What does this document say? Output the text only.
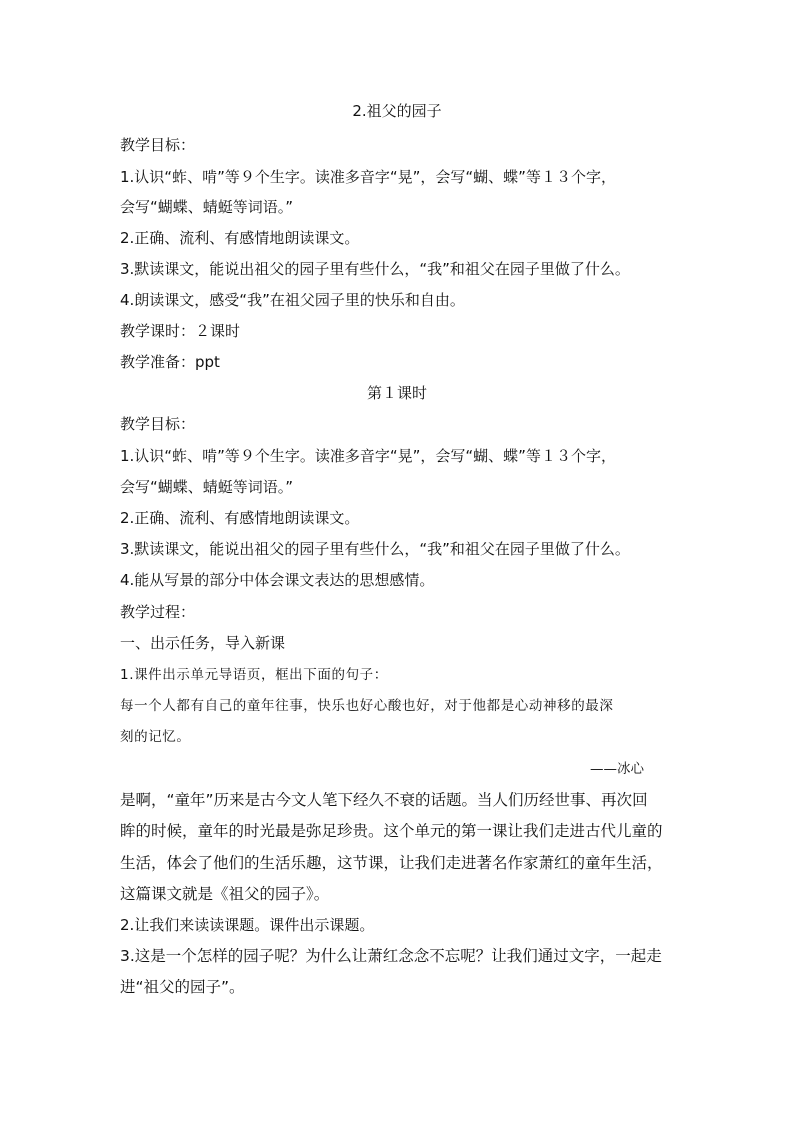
2.祖父的园子
教学目标：
1.认识“蚱、啃”等９个生字。读准多音字“晃”，会写“蝴、蝶”等１３个字，
会写“蝴蝶、蜻蜓等词语。”
2.正确、流利、有感情地朗读课文。
3.默读课文，能说出祖父的园子里有些什么，“我”和祖父在园子里做了什么。
4.朗读课文，感受“我”在祖父园子里的快乐和自由。
教学课时：２课时
教学准备：ppt
第１课时
教学目标：
1.认识“蚱、啃”等９个生字。读准多音字“晃”，会写“蝴、蝶”等１３个字，
会写“蝴蝶、蜻蜓等词语。”
2.正确、流利、有感情地朗读课文。
3.默读课文，能说出祖父的园子里有些什么，“我”和祖父在园子里做了什么。
4.能从写景的部分中体会课文表达的思想感情。
教学过程：
一、出示任务，导入新课
1.课件出示单元导语页，框出下面的句子：
每一个人都有自己的童年往事，快乐也好心酸也好，对于他都是心动神移的最深
刻的记忆。
——冰心
是啊，“童年”历来是古今文人笔下经久不衰的话题。当人们历经世事、再次回
眸的时候，童年的时光最是弥足珍贵。这个单元的第一课让我们走进古代儿童的
生活，体会了他们的生活乐趣，这节课，让我们走进著名作家萧红的童年生活，
这篇课文就是《祖父的园子》。
2.让我们来读读课题。课件出示课题。
3.这是一个怎样的园子呢？为什么让萧红念念不忘呢？让我们通过文字，一起走
进“祖父的园子”。
